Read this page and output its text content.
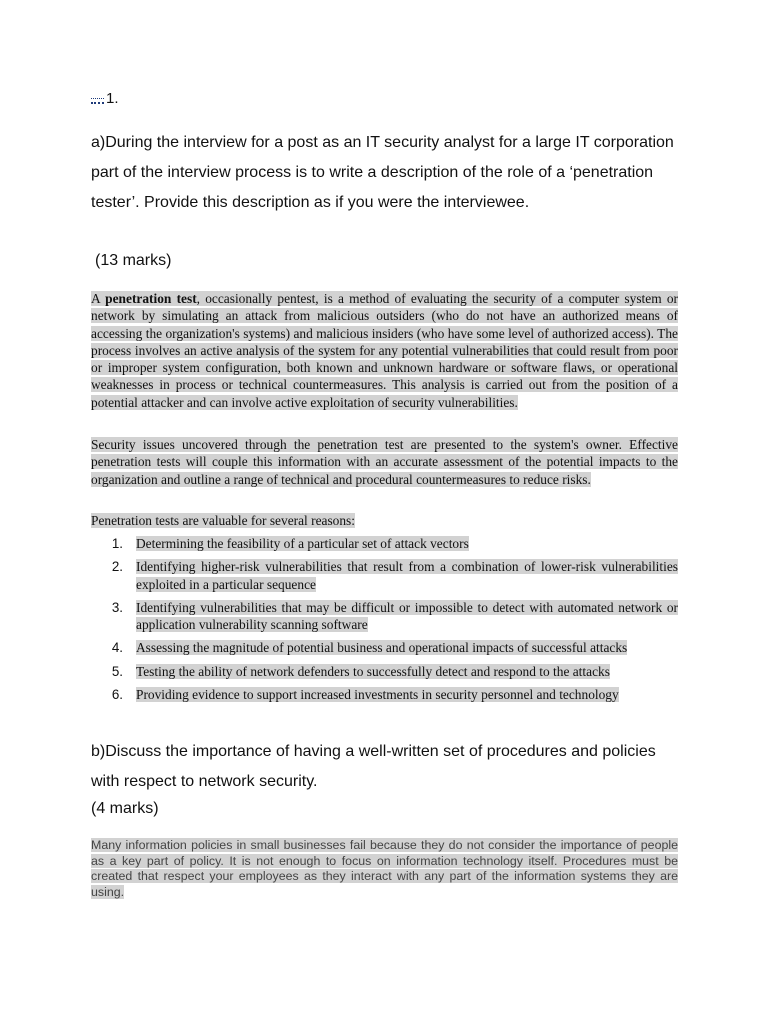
1.

a)During the interview for a post as an IT security analyst for a large IT corporation part of the interview process is to write a description of the role of a ‘penetration tester’. Provide this description as if you were the interviewee.

(13 marks)

A penetration test, occasionally pentest, is a method of evaluating the security of a computer system or network by simulating an attack from malicious outsiders (who do not have an authorized means of accessing the organization's systems) and malicious insiders (who have some level of authorized access). The process involves an active analysis of the system for any potential vulnerabilities that could result from poor or improper system configuration, both known and unknown hardware or software flaws, or operational weaknesses in process or technical countermeasures. This analysis is carried out from the position of a potential attacker and can involve active exploitation of security vulnerabilities.

Security issues uncovered through the penetration test are presented to the system's owner. Effective penetration tests will couple this information with an accurate assessment of the potential impacts to the organization and outline a range of technical and procedural countermeasures to reduce risks.

Penetration tests are valuable for several reasons:

1. Determining the feasibility of a particular set of attack vectors
2. Identifying higher-risk vulnerabilities that result from a combination of lower-risk vulnerabilities exploited in a particular sequence
3. Identifying vulnerabilities that may be difficult or impossible to detect with automated network or application vulnerability scanning software
4. Assessing the magnitude of potential business and operational impacts of successful attacks
5. Testing the ability of network defenders to successfully detect and respond to the attacks
6. Providing evidence to support increased investments in security personnel and technology

b)Discuss the importance of having a well-written set of procedures and policies with respect to network security.

(4 marks)

Many information policies in small businesses fail because they do not consider the importance of people as a key part of policy. It is not enough to focus on information technology itself. Procedures must be created that respect your employees as they interact with any part of the information systems they are using.
